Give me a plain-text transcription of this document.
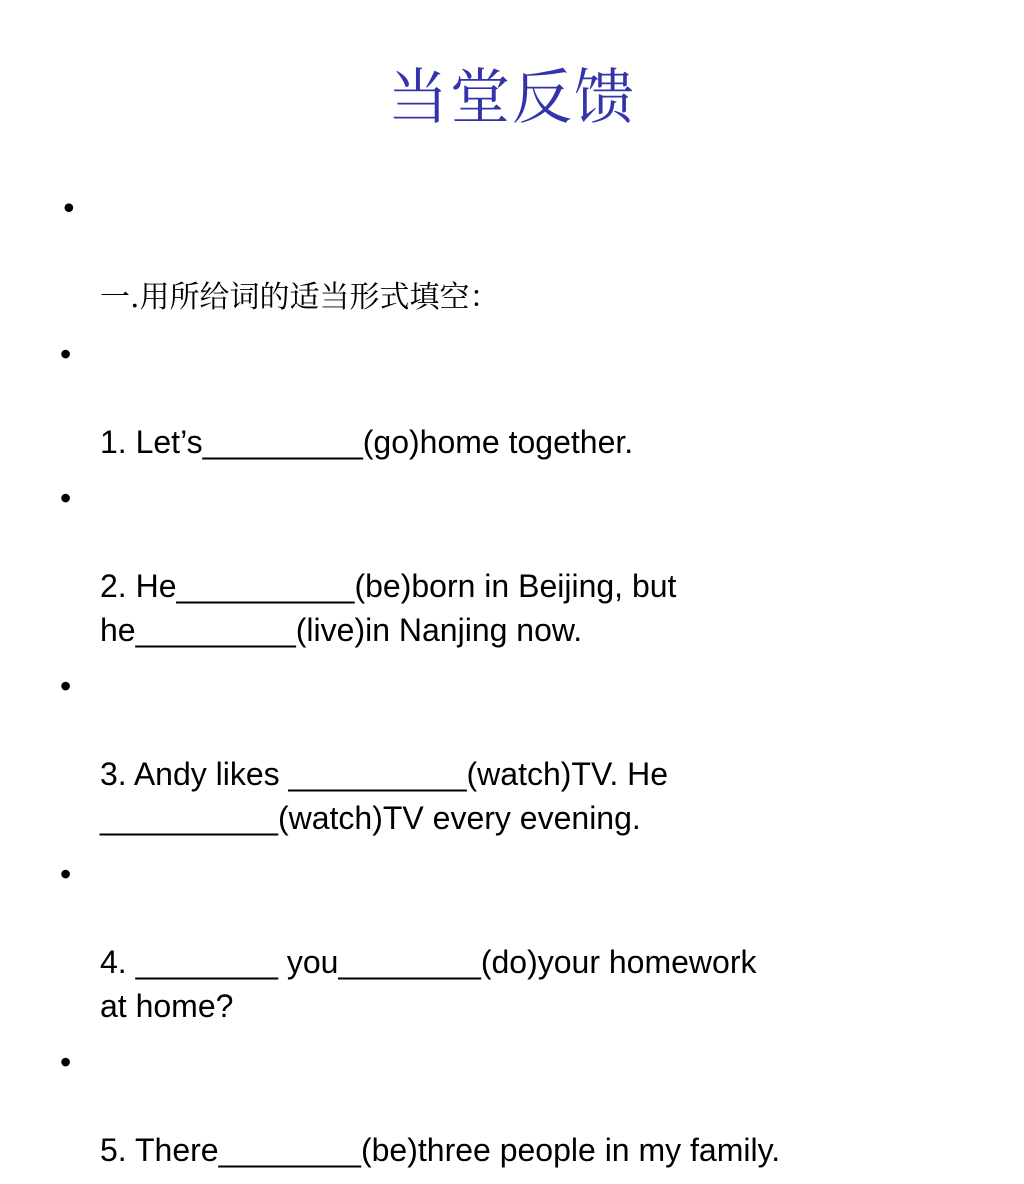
当堂反馈

•

一.用所给词的适当形式填空：

•

1. Let’s_________(go)home together.

•

2. He__________(be)born in Beijing, but
he_________(live)in Nanjing now.

•

3. Andy likes __________(watch)TV. He
__________(watch)TV every evening.

•

4. ________ you________(do)your homework
at home?

•

5. There________(be)three people in my family.
